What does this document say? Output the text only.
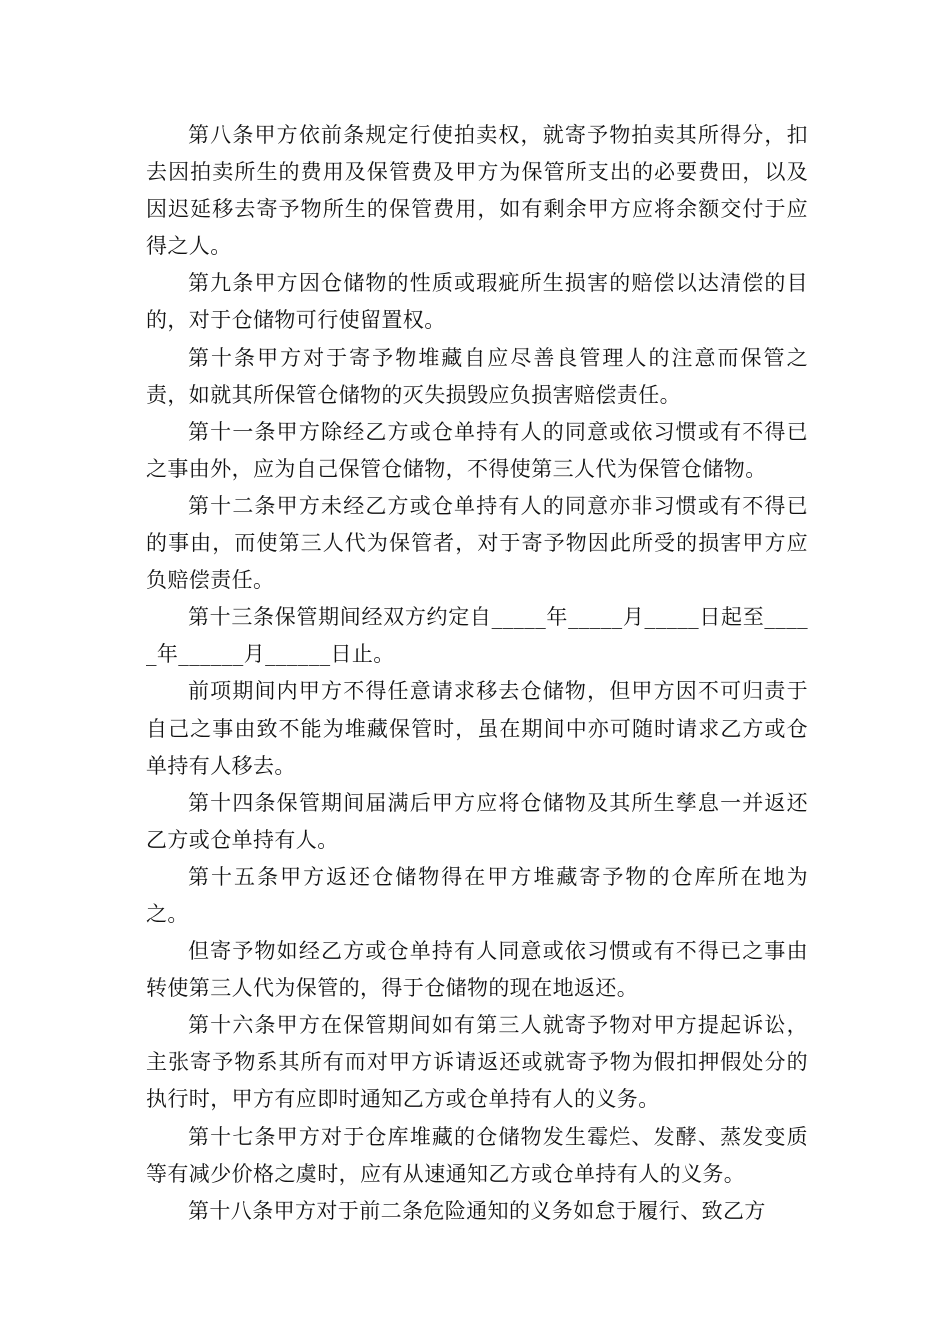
第八条甲方依前条规定行使拍卖权，就寄予物拍卖其所得分，扣去因拍卖所生的费用及保管费及甲方为保管所支出的必要费田，以及因迟延移去寄予物所生的保管费用，如有剩余甲方应将余额交付于应得之人。

第九条甲方因仓储物的性质或瑕疵所生损害的赔偿以达清偿的目的，对于仓储物可行使留置权。

第十条甲方对于寄予物堆藏自应尽善良管理人的注意而保管之责，如就其所保管仓储物的灭失损毁应负损害赔偿责任。

第十一条甲方除经乙方或仓单持有人的同意或依习惯或有不得已之事由外，应为自己保管仓储物，不得使第三人代为保管仓储物。

第十二条甲方未经乙方或仓单持有人的同意亦非习惯或有不得已的事由，而使第三人代为保管者，对于寄予物因此所受的损害甲方应负赔偿责任。

第十三条保管期间经双方约定自_____年_____月_____日起至_____年______月______日止。

前项期间内甲方不得任意请求移去仓储物，但甲方因不可归责于自己之事由致不能为堆藏保管时，虽在期间中亦可随时请求乙方或仓单持有人移去。

第十四条保管期间届满后甲方应将仓储物及其所生孳息一并返还乙方或仓单持有人。

第十五条甲方返还仓储物得在甲方堆藏寄予物的仓库所在地为之。

但寄予物如经乙方或仓单持有人同意或依习惯或有不得已之事由转使第三人代为保管的，得于仓储物的现在地返还。

第十六条甲方在保管期间如有第三人就寄予物对甲方提起诉讼，主张寄予物系其所有而对甲方诉请返还或就寄予物为假扣押假处分的执行时，甲方有应即时通知乙方或仓单持有人的义务。

第十七条甲方对于仓库堆藏的仓储物发生霉烂、发酵、蒸发变质等有减少价格之虞时，应有从速通知乙方或仓单持有人的义务。

第十八条甲方对于前二条危险通知的义务如怠于履行、致乙方
